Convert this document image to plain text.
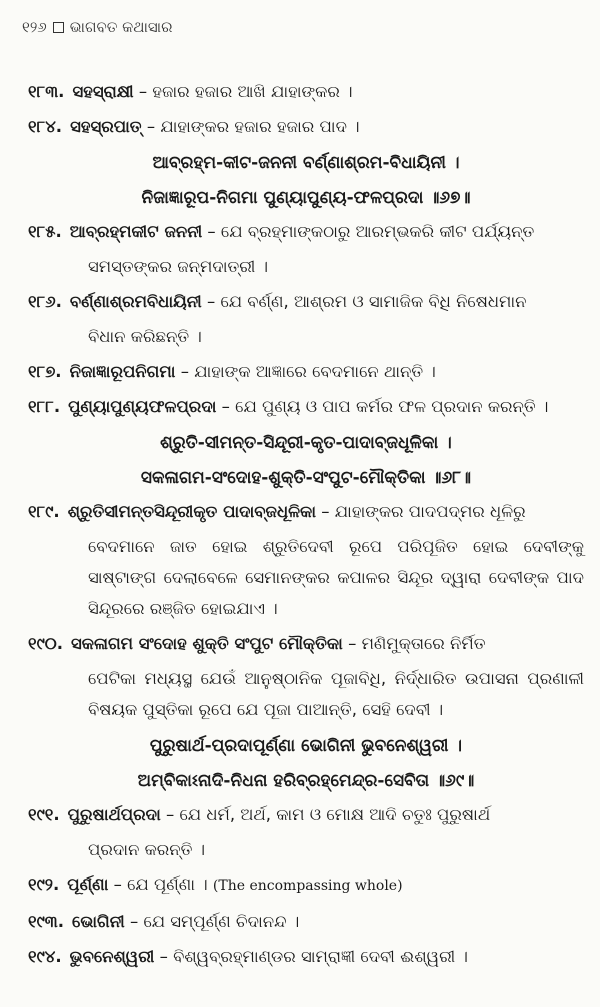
୧୨୬ ଭାଗବତ କଥାସାର

୧୮୩. ସହସ୍ରାକ୍ଷୀ – ହଜାର ହଜାର ଆଖି ଯାହାଙ୍କର ।

୧୮୪. ସହସ୍ରପାତ୍ – ଯାହାଙ୍କର ହଜାର ହଜାର ପାଦ ।

ଆବ୍ରହ୍ମ-କୀଟ-ଜନନୀ ବର୍ଣ୍ଣାଶ୍ରମ-ବିଧାୟିନୀ ।

ନିଜାଜ୍ଞାରୂପ-ନିଗମା ପୁଣ୍ୟାପୁଣ୍ୟ-ଫଳପ୍ରଦା ॥୬୭॥

୧୮୫. ଆବ୍ରହ୍ମକୀଟ ଜନନୀ – ଯେ ବ୍ରହ୍ମାଙ୍କଠାରୁ ଆରମ୍ଭକରି କୀଟ ପର୍ଯ୍ୟନ୍ତ

ସମସ୍ତଙ୍କର ଜନ୍ମଦାତ୍ରୀ ।

୧୮୬. ବର୍ଣ୍ଣାଶ୍ରମବିଧାୟିନୀ – ଯେ ବର୍ଣ୍ଣ, ଆଶ୍ରମ ଓ ସାମାଜିକ ବିଧି ନିଷେଧମାନ

ବିଧାନ କରିଛନ୍ତି ।

୧୮୭. ନିଜାଜ୍ଞାରୂପନିଗମା – ଯାହାଙ୍କ ଆଜ୍ଞାରେ ବେଦମାନେ ଥାନ୍ତି ।

୧୮୮. ପୁଣ୍ୟାପୁଣ୍ୟଫଳପ୍ରଦା – ଯେ ପୁଣ୍ୟ ଓ ପାପ କର୍ମର ଫଳ ପ୍ରଦାନ କରନ୍ତି ।

ଶ୍ରୁତି-ସୀମନ୍ତ-ସିନ୍ଦୂରୀ-କୃତ-ପାଦାବ୍ଜଧୂଳିକା ।

ସକଳାଗମ-ସଂଦୋହ-ଶୁକ୍ତି-ସଂପୁଟ-ମୌକ୍ତିକା ॥୬୮॥

୧୮୯. ଶ୍ରୁତିସୀମନ୍ତସିନ୍ଦୂରୀକୃତ ପାଦାବ୍ଜଧୂଳିକା – ଯାହାଙ୍କର ପାଦପଦ୍ମର ଧୂଳିରୁ

ବେଦମାନେ ଜାତ ହୋଇ ଶ୍ରୁତିଦେବୀ ରୂପେ ପରିପୂଜିତ ହୋଇ ଦେବୀଙ୍କୁ ସାଷ୍ଟାଙ୍ଗ ଦେଲାବେଳେ ସେମାନଙ୍କର କପାଳର ସିନ୍ଦୂର ଦ୍ୱାରା ଦେବୀଙ୍କ ପାଦ ସିନ୍ଦୂରରେ ରଞ୍ଜିତ ହୋଇଯାଏ ।

୧୯୦. ସକଳାଗମ ସଂଦୋହ ଶୁକ୍ତି ସଂପୁଟ ମୌକ୍ତିକା – ମଣିମୁକ୍ତାରେ ନିର୍ମିତ

ପେଟିକା ମଧ୍ୟସ୍ଥ ଯେଉଁ ଆନୁଷ୍ଠାନିକ ପୂଜାବିଧି, ନିର୍ଦ୍ଧାରିତ ଉପାସନା ପ୍ରଣାଳୀ ବିଷୟକ ପୁସ୍ତିକା ରୂପେ ଯେ ପୂଜା ପାଆନ୍ତି, ସେହି ଦେବୀ ।

ପୁରୁଷାର୍ଥ-ପ୍ରଦାପୂର୍ଣ୍ଣା ଭୋଗିନୀ ଭୁବନେଶ୍ୱରୀ ।

ଅମ୍ବିକାଽନାଦି-ନିଧନା ହରିବ୍ରହ୍ମେନ୍ଦ୍ର-ସେବିତା ॥୬୯॥

୧୯୧. ପୁରୁଷାର୍ଥପ୍ରଦା – ଯେ ଧର୍ମ, ଅର୍ଥ, କାମ ଓ ମୋକ୍ଷ ଆଦି ଚତୁଃ ପୁରୁଷାର୍ଥ

ପ୍ରଦାନ କରନ୍ତି ।

୧୯୨. ପୂର୍ଣ୍ଣା – ଯେ ପୂର୍ଣ୍ଣା । (The encompassing whole)

୧୯୩. ଭୋଗିନୀ – ଯେ ସମ୍ପୂର୍ଣ୍ଣ ଚିଦାନନ୍ଦ ।

୧୯୪. ଭୁବନେଶ୍ୱରୀ – ବିଶ୍ୱବ୍ରହ୍ମାଣ୍ଡର ସାମ୍ରାଜ୍ଞୀ ଦେବୀ ଈଶ୍ୱରୀ ।
